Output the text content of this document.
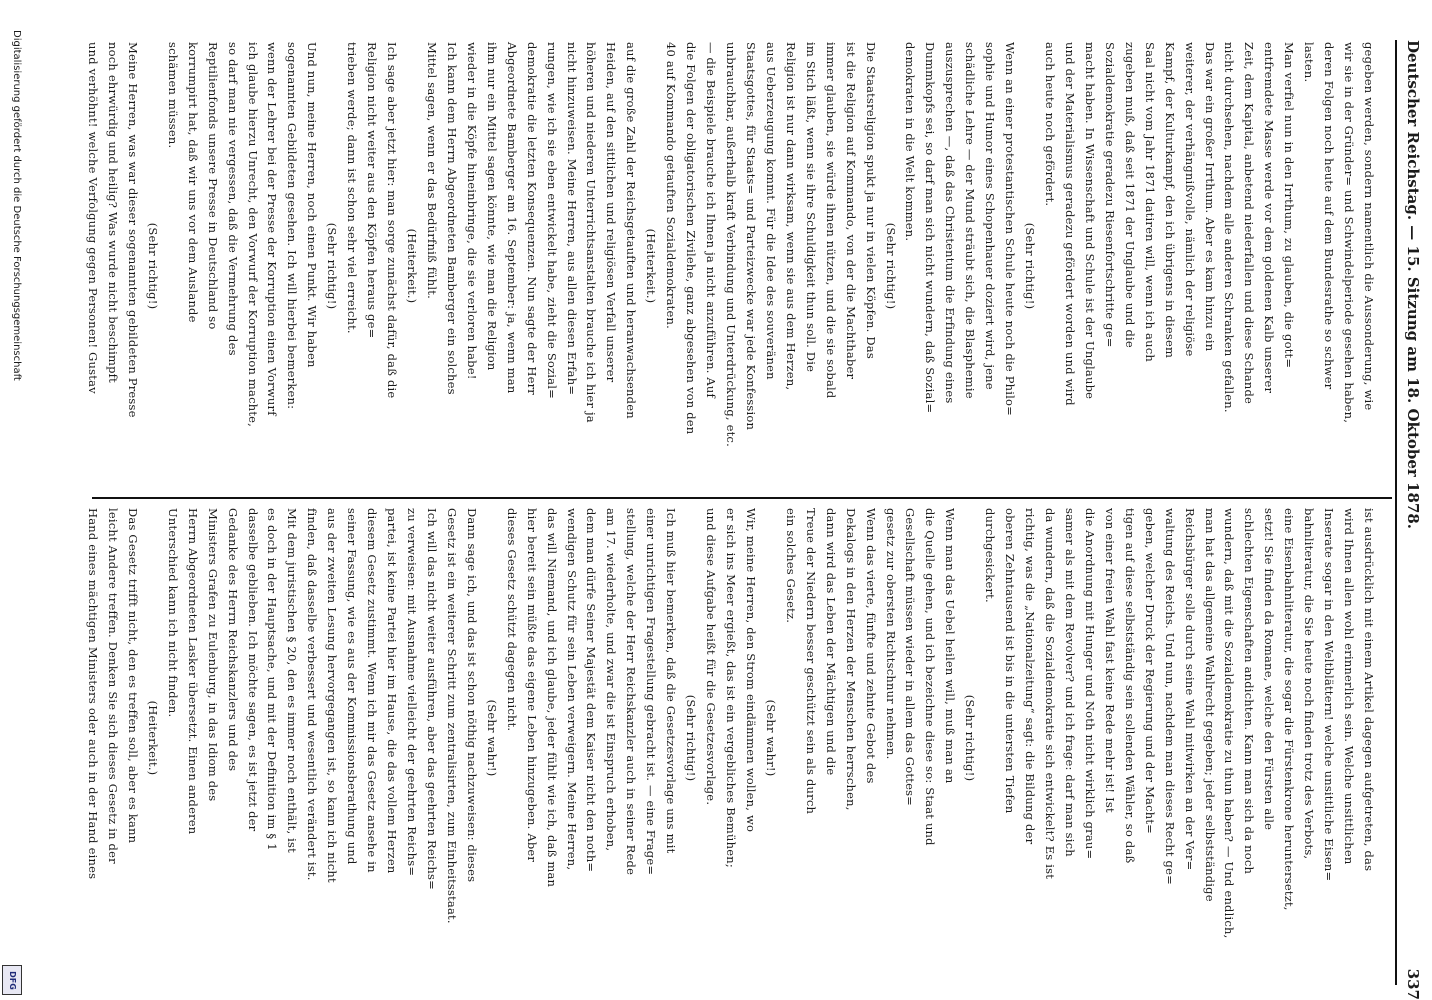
Deutscher Reichstag. — 15. Sitzung am 18. Oktober 1878.
337
gegeben werden, sondern namentlich die Aussonderung, wie
wir sie in der Gründer= und Schwindelperiode gesehen haben,
deren Folgen noch heute auf dem Bundesrathe so schwer
lasten.
Man verfiel nun in den Irrthum, zu glauben, die gott=
entfremdete Masse werde vor dem goldenen Kalb unserer
Zeit, dem Kapital, anbetend niederfallen und diese Schande
nicht durchsehen, nachdem alle anderen Schranken gefallen.
Das war ein großer Irrthum. Aber es kam hinzu ein
weiterer, der verhängnißvolle, nämlich der religiöse
Kampf, der Kulturkampf, den ich übrigens in diesem
Saal nicht vom Jahr 1871 datiren will, wenn ich auch
zugeben muß, daß seit 1871 der Unglaube und die
Sozialdemokratie geradezu Riesenfortschritte ge=
macht haben. In Wissenschaft und Schule ist der Unglaube
und der Materialismus geradezu gefördert worden und wird
auch heute noch gefördert.
(Sehr richtig!)
Wenn an einer protestantischen Schule heute noch die Philo=
sophie und Humor eines Schopenhauer doziert wird, jene
schädliche Lehre — der Mund sträubt sich, die Blasphemie
auszusprechen —, daß das Christentum die Erfindung eines
Dummkopfs sei, so darf man sich nicht wundern, daß Sozial=
demokraten in die Welt kommen.
(Sehr richtig!)
Die Staatsreligion spukt ja nur in vielen Köpfen. Das
ist die Religion auf Kommando, von der die Machthaber
immer glauben, sie würde ihnen nützen, und die sie sobald
im Stich läßt, wenn sie ihre Schuldigkeit thun soll. Die
Religion ist nur dann wirksam, wenn sie aus dem Herzen,
aus Ueberzeugung kommt. Für die Idee des souveränen
Staatsgottes, für Staats= und Parteizwecke war jede Konfession
unbrauchbar, außerhalb kraft Verbindung und Unterdrückung, etc.
— die Beispiele brauche ich Ihnen ja nicht anzuführen. Auf
die Folgen der obligatorischen Zivilehe, ganz abgesehen von den
40 auf Kommando getauften Sozialdemokraten.
(Heiterkeit.)
auf die große Zahl der Reichsgetauften und heranwachsenden
Heiden, auf den sittlichen und religiösen Verfall unserer
höheren und niederen Unterrichtsanstalten brauche ich hier ja
nicht hinzuweisen. Meine Herren, aus allen diesen Erfah=
rungen, wie ich sie eben entwickelt habe, zieht die Sozial=
demokratie die letzten Konsequenzen. Nun sagte der Herr
Abgeordnete Bamberger am 16. September: ja, wenn man
ihm nur ein Mittel sagen könnte, wie man die Religion
wieder in die Köpfe hineinbringe, die sie verloren habe!
Ich kann dem Herrn Abgeordneten Bamberger ein solches
Mittel sagen, wenn er das Bedürfniß fühlt.
(Heiterkeit.)
Ich sage aber jetzt hier: man sorge zunächst dafür, daß die
Religion nicht weiter aus den Köpfen heraus ge=
trieben werde; dann ist schon sehr viel erreicht.
(Sehr richtig!)
Und nun, meine Herren, noch einen Punkt. Wir haben
sogenannten Gebildeten gesehen. Ich will hierbei bemerken:
wenn der Lehrer bei der Presse der Korruption einen Vorwurf
ich glaube hierzu Unrecht, den Vorwurf der Korruption machte,
so darf man nie vergessen, daß die Vermehrung des
Reptilienfonds unsere Presse in Deutschland so
korrumpirt hat, daß wir uns vor dem Auslande
schämen müssen.
(Sehr richtig!)
Meine Herren, was war dieser sogenannten gebildeten Presse
noch ehrwürdig und heilig? Was wurde nicht beschimpft
und verhöhnt! welche Verfolgung gegen Personen! Gustav
ist ausdrücklich mit einem Artikel dagegen aufgetreten, das
wird Ihnen allen wohl erinnerlich sein. Welche unsittlichen
Inserate sogar in den Weltblättern! welche unsittliche Eisen=
bahnliteratur, die Sie heute noch finden trotz des Verbots,
eine Eisenbahnliteratur, die sogar die Fürstenkrone heruntersetzt,
setzt! Sie finden da Romane, welche den Fürsten alle
schlechten Eigenschaften andichten. Kann man sich da noch
wundern, daß mit die Sozialdemokratie zu thun haben? — Und endlich,
man hat das allgemeine Wahlrecht gegeben; jeder selbstständige
Reichsbürger solle durch seine Wahl mitwirken an der Ver=
waltung des Reichs. Und nun, nachdem man dieses Recht ge=
geben, welcher Druck der Regierung und der Macht=
tigen auf diese selbstständig sein sollenden Wähler, so daß
von einer freien Wahl fast keine Rede mehr ist! Ist
die Anordnung mit Hunger und Noth nicht wirklich grau=
samer als mit dem Revolver? und ich frage: darf man sich
da wundern, daß die Sozialdemokratie sich entwickelt? Es ist
richtig, was die „Nationalzeitung“ sagt: die Bildung der
oberen Zehntausend ist bis in die untersten Tiefen
durchgesickert.
(Sehr richtig!)
Wenn man das Uebel heilen will, muß man an
die Quelle gehen, und ich bezeichne diese so: Staat und
Gesellschaft müssen wieder in allem das Gottes=
gesetz zur obersten Richtschnur nehmen.
Wenn das vierte, fünfte und zehnte Gebot des
Dekalogs in den Herzen der Menschen herrschen,
dann wird das Leben der Mächtigen und die
Treue der Niedern besser geschützt sein als durch
ein solches Gesetz.
(Sehr wahr!)
Wir, meine Herren, den Strom eindämmen wollen, wo
er sich ins Meer ergießt, das ist ein vergebliches Bemühen;
und diese Aufgabe heißt für die Gesetzesvorlage.
(Sehr richtig!)
Ich muß hier bemerken, daß die Gesetzesvorlage uns mit
einer unrichtigen Fragestellung gebracht ist. — eine Frage=
stellung, welche der Herr Reichskanzler auch in seiner Rede
am 17. wiederholte, und zwar die ist Einspruch erhoben,
dem man dürfe Seiner Majestät dem Kaiser nicht den noth=
wendigen Schutz für sein Leben verweigern. Meine Herren,
das will Niemand, und ich glaube, jeder fühlt wie ich, daß man
hier bereit sein müßte das eigene Leben hinzugeben. Aber
dieses Gesetz schützt dagegen nicht.
(Sehr wahr!)
Dann sage ich, und das ist schon nöthig nachzuweisen: dieses
Gesetz ist ein weiterer Schritt zum zentralisirten, zum Einheitsstaat.
Ich will das nicht weiter ausführen, aber das geehrten Reichs=
zu verweisen: mit Ausnahme vielleicht der geehrten Reichs=
partei, ist keine Partei hier im Hause, die das vollem Herzen
diesem Gesetz zustimmt. Wenn ich mir das Gesetz ansehe in
seiner Fassung, wie es aus der Kommissionsberathung und
aus der zweiten Lesung hervorgegangen ist, so kann ich nicht
finden, daß dasselbe verbessert und wesentlich verändert ist.
Mit dem juristischen § 20, den es immer noch enthält, ist
es doch in der Hauptsache, und mit der Definition im § 1
dasselbe geblieben. Ich möchte sagen, es ist jetzt der
Gedanke des Herrn Reichskanzlers und des
Ministers Grafen zu Eulenburg, in das Idiom des
Herrn Abgeordneten Lasker übersetzt. Einen anderen
Unterschied kann ich nicht finden.
(Heiterkeit.)
Das Gesetz trifft nicht, den es treffen soll, aber es kann
leicht Andere treffen. Denken Sie sich dieses Gesetz in der
Hand eines mächtigen Ministers oder auch in der Hand eines
Digitalisierung gefördert durch die Deutsche Forschungsgemeinschaft
DFG
